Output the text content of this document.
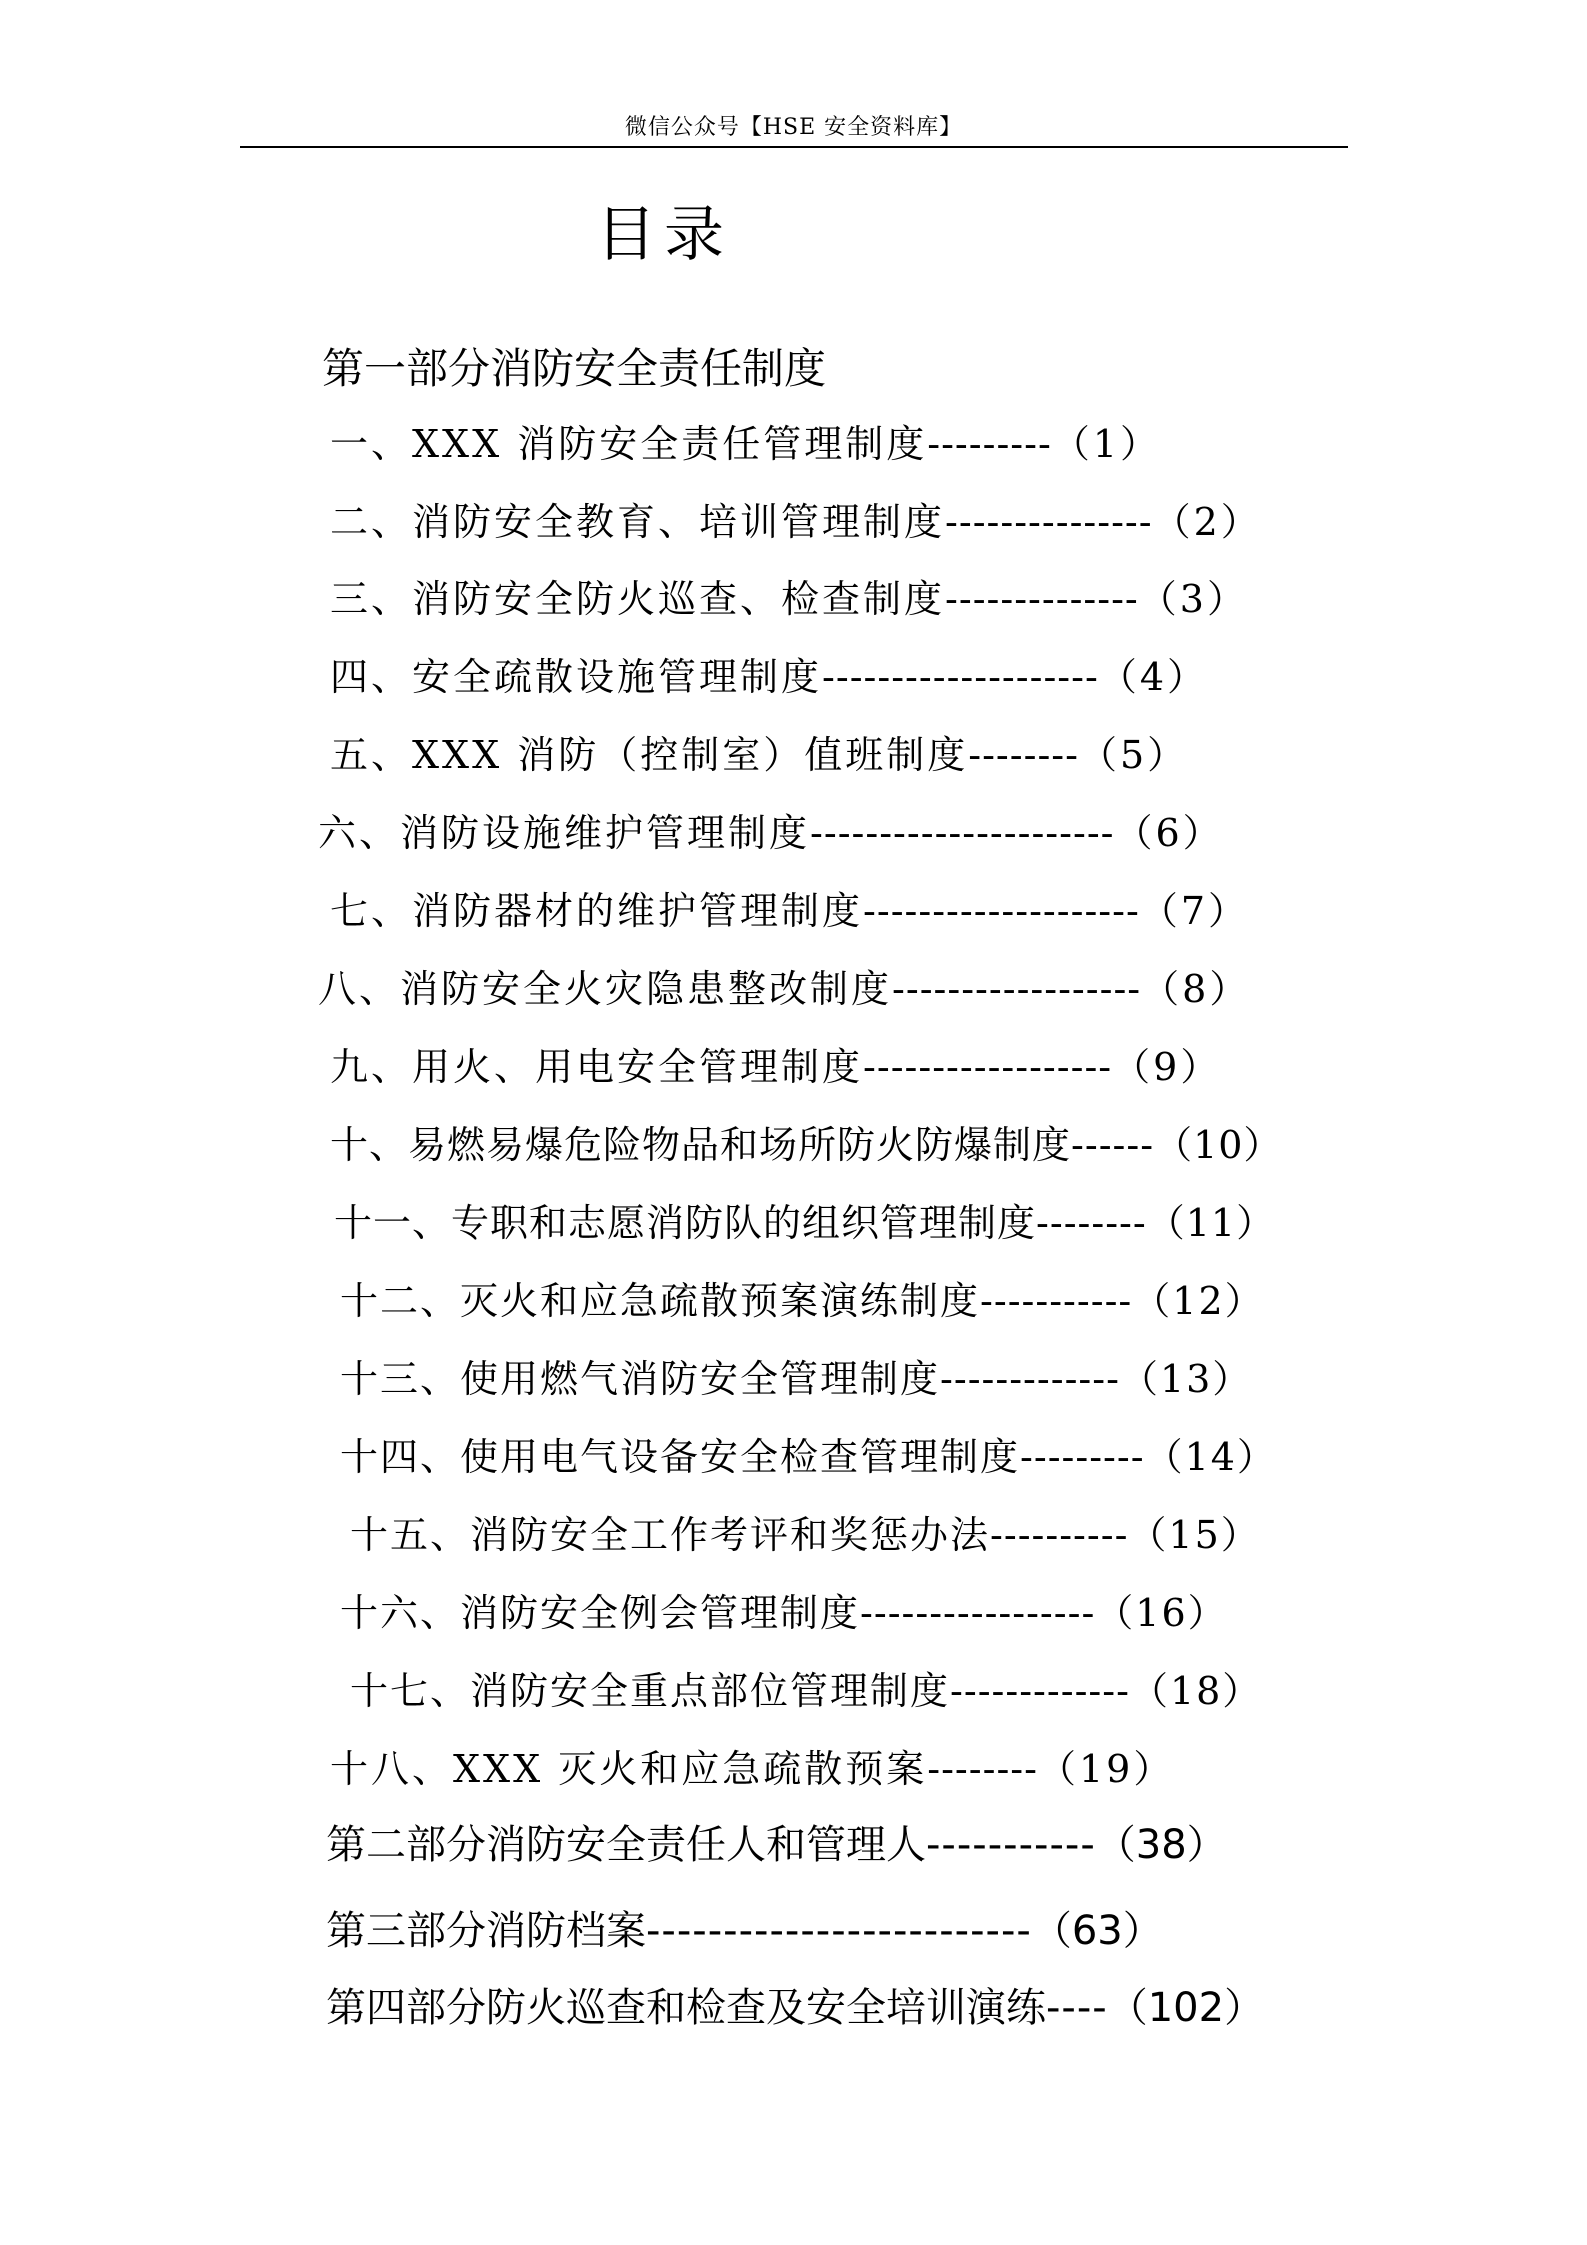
微信公众号【HSE 安全资料库】
目录
第一部分消防安全责任制度
一、XXX 消防安全责任管理制度---------（1）
二、消防安全教育、培训管理制度---------------（2）
三、消防安全防火巡查、检查制度--------------（3）
四、安全疏散设施管理制度--------------------（4）
五、XXX 消防（控制室）值班制度--------（5）
六、消防设施维护管理制度----------------------（6）
七、消防器材的维护管理制度--------------------（7）
八、消防安全火灾隐患整改制度------------------（8）
九、用火、用电安全管理制度------------------（9）
十、易燃易爆危险物品和场所防火防爆制度------（10）
十一、专职和志愿消防队的组织管理制度--------（11）
十二、灭火和应急疏散预案演练制度-----------（12）
十三、使用燃气消防安全管理制度-------------（13）
十四、使用电气设备安全检查管理制度---------（14）
十五、消防安全工作考评和奖惩办法----------（15）
十六、消防安全例会管理制度-----------------（16）
十七、消防安全重点部位管理制度-------------（18）
十八、XXX 灭火和应急疏散预案--------（19）
第二部分消防安全责任人和管理人-----------（38）
第三部分消防档案-------------------------（63）
第四部分防火巡查和检查及安全培训演练----（102）
